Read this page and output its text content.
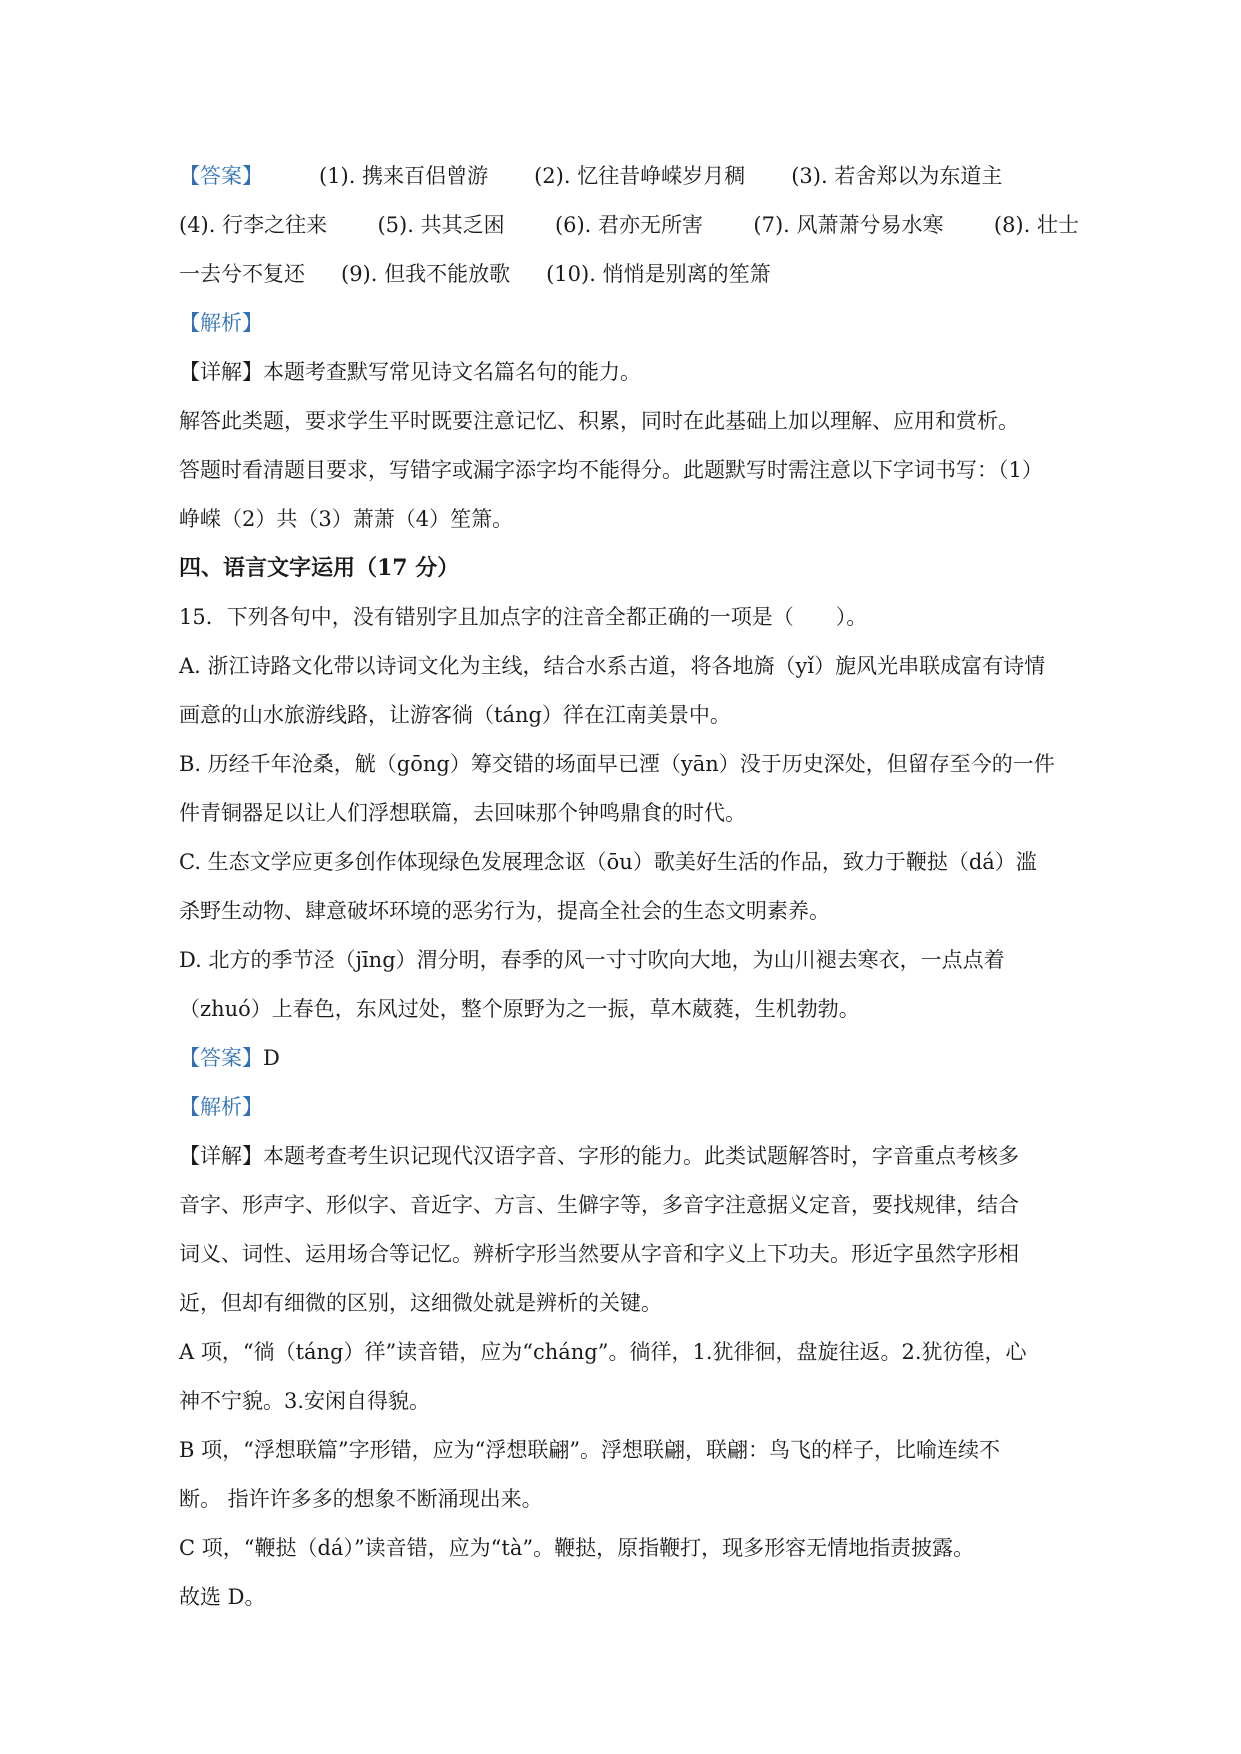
【答案】	(1). 携来百侣曾游 (2). 忆往昔峥嵘岁月稠 (3). 若舍郑以为东道主
(4). 行李之往来 (5). 共其乏困 (6). 君亦无所害 (7). 风萧萧兮易水寒 (8). 壮士
一去兮不复还 (9). 但我不能放歌 (10). 悄悄是别离的笙箫
【解析】
【详解】本题考查默写常见诗文名篇名句的能力。
解答此类题，要求学生平时既要注意记忆、积累，同时在此基础上加以理解、应用和赏析。
答题时看清题目要求，写错字或漏字添字均不能得分。此题默写时需注意以下字词书写：（1）
峥嵘（2）共（3）萧萧（4）笙箫。
四、语言文字运用（17 分）
15．下列各句中，没有错别字且加点字的注音全都正确的一项是（　　）。
A. 浙江诗路文化带以诗词文化为主线，结合水系古道，将各地旖（yǐ）旎风光串联成富有诗情
画意的山水旅游线路，让游客徜（táng）徉在江南美景中。
B. 历经千年沧桑，觥（gōng）筹交错的场面早已湮（yān）没于历史深处，但留存至今的一件
件青铜器足以让人们浮想联篇，去回味那个钟鸣鼎食的时代。
C. 生态文学应更多创作体现绿色发展理念讴（ōu）歌美好生活的作品，致力于鞭挞（dá）滥
杀野生动物、肆意破坏环境的恶劣行为，提高全社会的生态文明素养。
D. 北方的季节泾（jīng）渭分明，春季的风一寸寸吹向大地，为山川褪去寒衣，一点点着
（zhuó）上春色，东风过处，整个原野为之一振，草木葳蕤，生机勃勃。
【答案】D
【解析】
【详解】本题考查考生识记现代汉语字音、字形的能力。此类试题解答时，字音重点考核多
音字、形声字、形似字、音近字、方言、生僻字等，多音字注意据义定音，要找规律，结合
词义、词性、运用场合等记忆。辨析字形当然要从字音和字义上下功夫。形近字虽然字形相
近，但却有细微的区别，这细微处就是辨析的关键。
A 项，“徜（táng）徉”读音错，应为“cháng”。徜徉，1.犹徘徊，盘旋往返。2.犹彷徨，心
神不宁貌。3.安闲自得貌。
B 项，“浮想联篇”字形错，应为“浮想联翩”。浮想联翩，联翩：鸟飞的样子，比喻连续不
断。 指许许多多的想象不断涌现出来。
C 项，“鞭挞（dá）”读音错，应为“tà”。鞭挞，原指鞭打，现多形容无情地指责披露。
故选 D。
